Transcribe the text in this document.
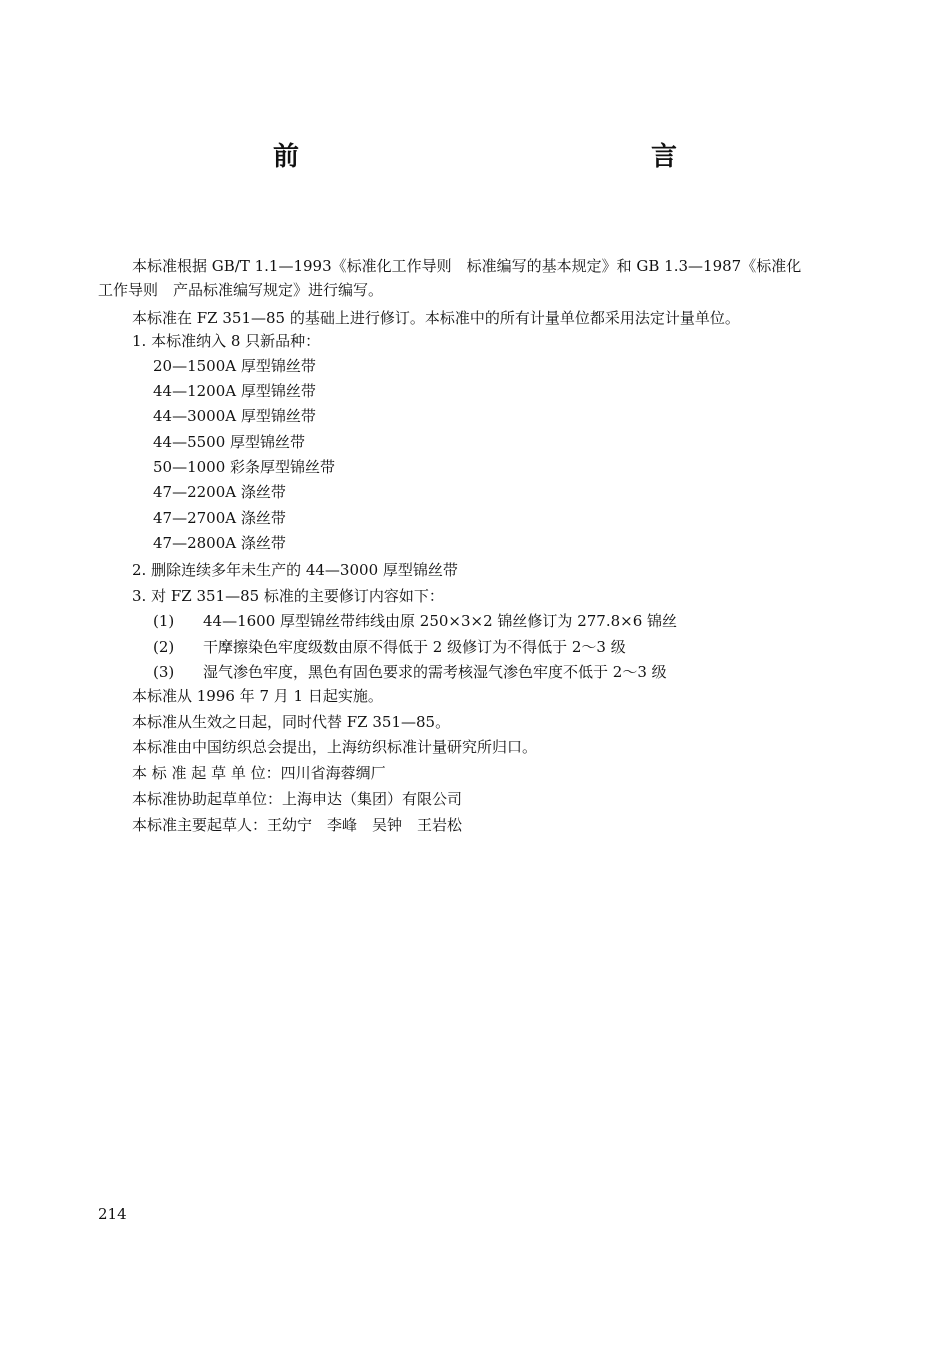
前　　言
本标准根据 GB/T 1.1—1993《标准化工作导则　标准编写的基本规定》和 GB 1.3—1987《标准化
工作导则　产品标准编写规定》进行编写。
本标准在 FZ 351—85 的基础上进行修订。本标准中的所有计量单位都采用法定计量单位。
1. 本标准纳入 8 只新品种：
20—1500A 厚型锦丝带
44—1200A 厚型锦丝带
44—3000A 厚型锦丝带
44—5500 厚型锦丝带
50—1000 彩条厚型锦丝带
47—2200A 涤丝带
47—2700A 涤丝带
47—2800A 涤丝带
2. 删除连续多年未生产的 44—3000 厚型锦丝带
3. 对 FZ 351—85 标准的主要修订内容如下：
(1) 44—1600 厚型锦丝带纬线由原 250×3×2 锦丝修订为 277.8×6 锦丝
(2) 干摩擦染色牢度级数由原不得低于 2 级修订为不得低于 2～3 级
(3) 湿气渗色牢度，黑色有固色要求的需考核湿气渗色牢度不低于 2～3 级
本标准从 1996 年 7 月 1 日起实施。
本标准从生效之日起，同时代替 FZ 351—85。
本标准由中国纺织总会提出，上海纺织标准计量研究所归口。
本 标 准 起 草 单 位：四川省海蓉绸厂
本标准协助起草单位：上海申达（集团）有限公司
本标准主要起草人：王幼宁　李峰　吴钟　王岩松
214
